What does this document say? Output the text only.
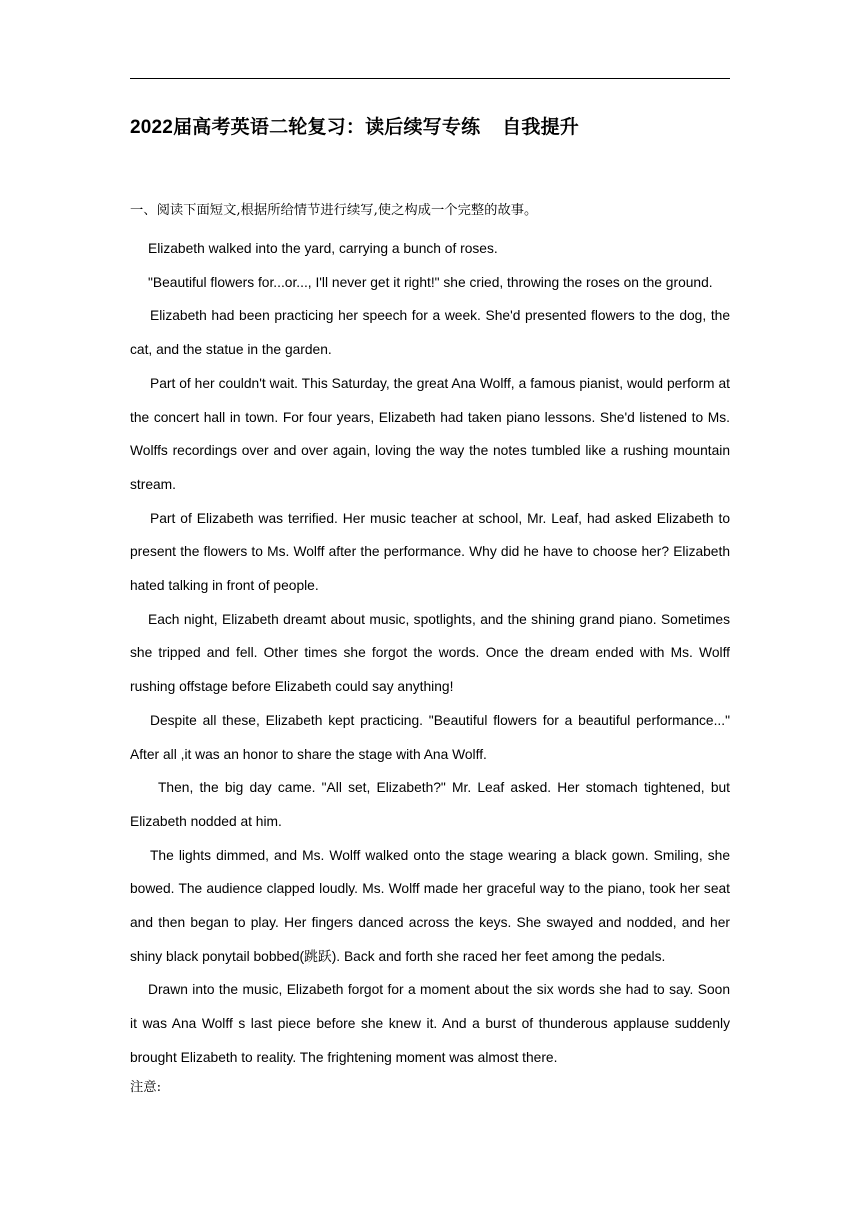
2022届高考英语二轮复习：读后续写专练    自我提升
一、阅读下面短文,根据所给情节进行续写,使之构成一个完整的故事。

Elizabeth walked into the yard, carrying a bunch of roses.

"Beautiful flowers for...or..., I'll never get it right!" she cried, throwing the roses on the ground.

Elizabeth had been practicing her speech for a week. She'd presented flowers to the dog, the cat, and the statue in the garden.

Part of her couldn't wait. This Saturday, the great Ana Wolff, a famous pianist, would perform at the concert hall in town. For four years, Elizabeth had taken piano lessons. She'd listened to Ms. Wolffs recordings over and over again, loving the way the notes tumbled like a rushing mountain stream.

Part of Elizabeth was terrified. Her music teacher at school, Mr. Leaf, had asked Elizabeth to present the flowers to Ms. Wolff after the performance. Why did he have to choose her? Elizabeth hated talking in front of people.

Each night, Elizabeth dreamt about music, spotlights, and the shining grand piano. Sometimes she tripped and fell. Other times she forgot the words. Once the dream ended with Ms. Wolff rushing offstage before Elizabeth could say anything!

Despite all these, Elizabeth kept practicing. "Beautiful flowers for a beautiful performance..." After all ,it was an honor to share the stage with Ana Wolff.

Then, the big day came. "All set, Elizabeth?" Mr. Leaf asked. Her stomach tightened, but Elizabeth nodded at him.

The lights dimmed, and Ms. Wolff walked onto the stage wearing a black gown. Smiling, she bowed. The audience clapped loudly. Ms. Wolff made her graceful way to the piano, took her seat and then began to play. Her fingers danced across the keys. She swayed and nodded, and her shiny black ponytail bobbed(跳跃). Back and forth she raced her feet among the pedals.

Drawn into the music, Elizabeth forgot for a moment about the six words she had to say. Soon it was Ana Wolff s last piece before she knew it. And a burst of thunderous applause suddenly brought Elizabeth to reality. The frightening moment was almost there.

注意:
